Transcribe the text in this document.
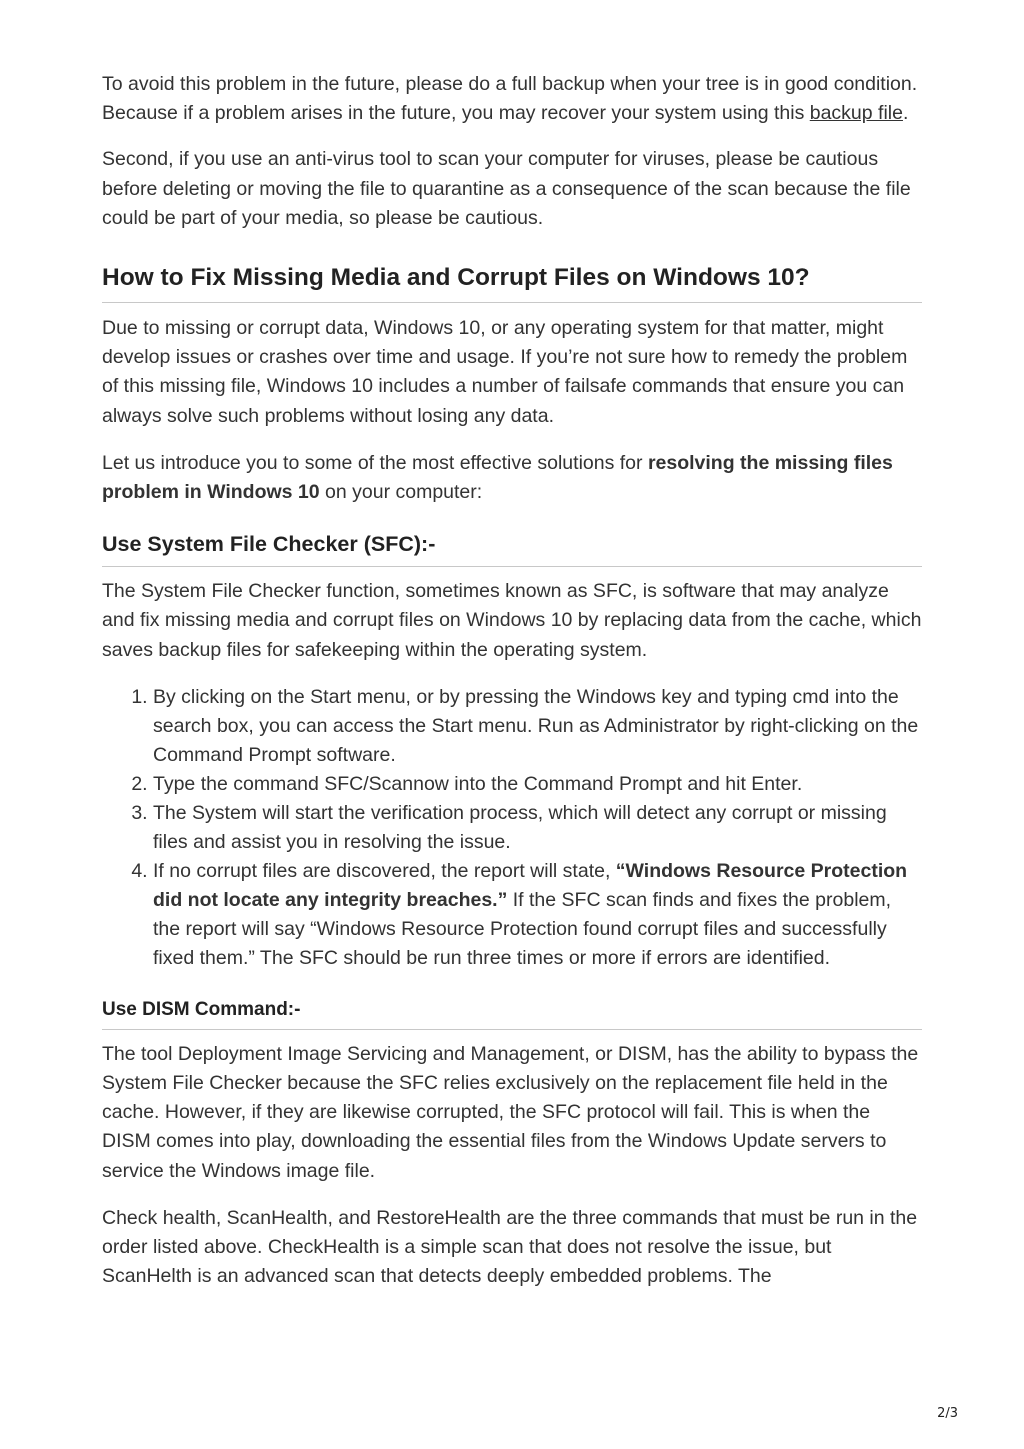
To avoid this problem in the future, please do a full backup when your tree is in good condition. Because if a problem arises in the future, you may recover your system using this backup file.

Second, if you use an anti-virus tool to scan your computer for viruses, please be cautious before deleting or moving the file to quarantine as a consequence of the scan because the file could be part of your media, so please be cautious.

How to Fix Missing Media and Corrupt Files on Windows 10?

Due to missing or corrupt data, Windows 10, or any operating system for that matter, might develop issues or crashes over time and usage. If you’re not sure how to remedy the problem of this missing file, Windows 10 includes a number of failsafe commands that ensure you can always solve such problems without losing any data.

Let us introduce you to some of the most effective solutions for resolving the missing files problem in Windows 10 on your computer:

Use System File Checker (SFC):-

The System File Checker function, sometimes known as SFC, is software that may analyze and fix missing media and corrupt files on Windows 10 by replacing data from the cache, which saves backup files for safekeeping within the operating system.

1. By clicking on the Start menu, or by pressing the Windows key and typing cmd into the search box, you can access the Start menu. Run as Administrator by right-clicking on the Command Prompt software.
2. Type the command SFC/Scannow into the Command Prompt and hit Enter.
3. The System will start the verification process, which will detect any corrupt or missing files and assist you in resolving the issue.
4. If no corrupt files are discovered, the report will state, “Windows Resource Protection did not locate any integrity breaches.” If the SFC scan finds and fixes the problem, the report will say “Windows Resource Protection found corrupt files and successfully fixed them.” The SFC should be run three times or more if errors are identified.
Use DISM Command:-

The tool Deployment Image Servicing and Management, or DISM, has the ability to bypass the System File Checker because the SFC relies exclusively on the replacement file held in the cache. However, if they are likewise corrupted, the SFC protocol will fail. This is when the DISM comes into play, downloading the essential files from the Windows Update servers to service the Windows image file.

Check health, ScanHealth, and RestoreHealth are the three commands that must be run in the order listed above. CheckHealth is a simple scan that does not resolve the issue, but ScanHelth is an advanced scan that detects deeply embedded problems. The

2/3
